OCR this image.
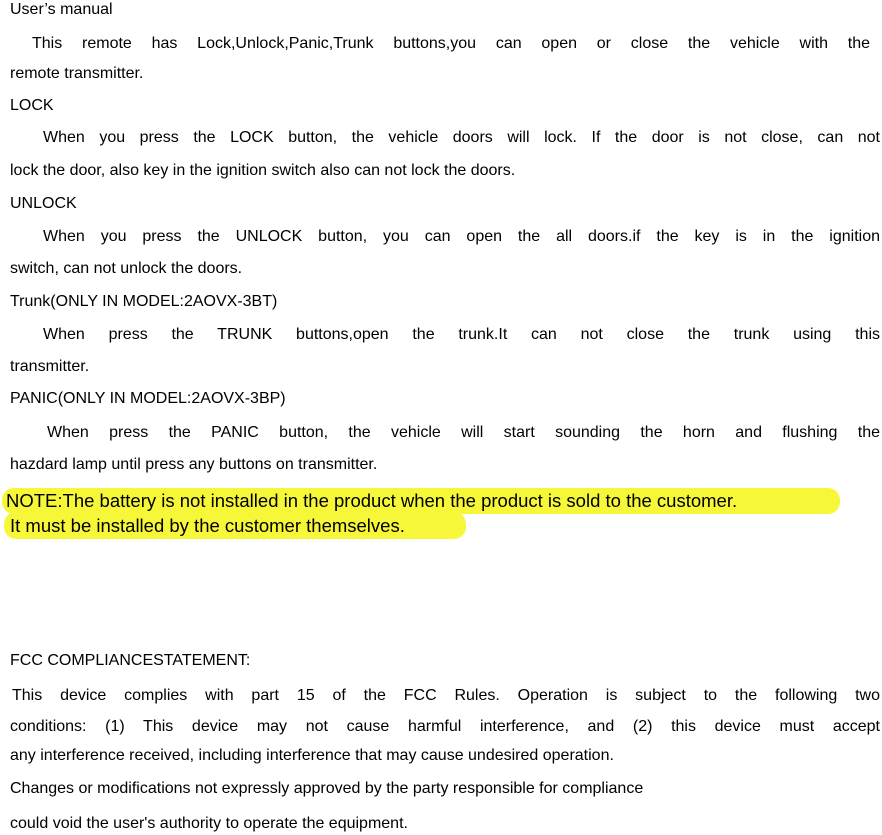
User’s manual
This remote has Lock,Unlock,Panic,Trunk buttons,you can open or close the vehicle with the
remote transmitter.
LOCK
When you press the LOCK button, the vehicle doors will lock. If the door is not close, can not
lock the door, also key in the ignition switch also can not lock the doors.
UNLOCK
When you press the UNLOCK button, you can open the all doors.if the key is in the ignition
switch, can not unlock the doors.
Trunk(ONLY IN MODEL:2AOVX-3BT)
When press the TRUNK buttons,open the trunk.It can not close the trunk using this
transmitter.
PANIC(ONLY IN MODEL:2AOVX-3BP)
When press the PANIC button, the vehicle will start sounding the horn and flushing the
hazdard lamp until press any buttons on transmitter.
NOTE:The battery is not installed in the product when the product is sold to the customer.
It must be installed by the customer themselves.
FCC COMPLIANCESTATEMENT:
This device complies with part 15 of the FCC Rules. Operation is subject to the following two
conditions: (1) This device may not cause harmful interference, and (2) this device must accept
any interference received, including interference that may cause undesired operation.
Changes or modifications not expressly approved by the party responsible for compliance
could void the user's authority to operate the equipment.
